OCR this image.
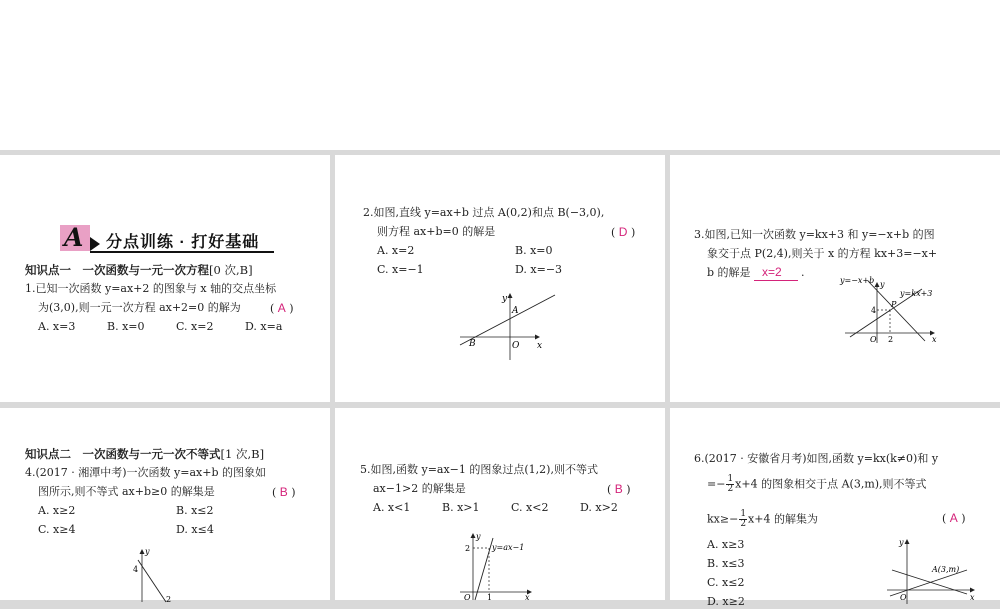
A 分点训练 · 打好基础
知识点一　一次函数与一元一次方程[0 次,B]
1.已知一次函数 y=ax+2 的图象与 x 轴的交点坐标
为(3,0),则一元一次方程 ax+2=0 的解为	( A )
A. x=3	B. x=0	C. x=2	D. x=a
2.如图,直线 y=ax+b 过点 A(0,2)和点 B(−3,0),
则方程 ax+b=0 的解是	( D )
A. x=2	B. x=0
C. x=−1	D. x=−3
y
x
O
A
B
3.如图,已知一次函数 y=kx+3 和 y=−x+b 的图
象交于点 P(2,4),则关于 x 的方程 kx+3=−x+
b 的解是 x=2 .
y=−x+b
y=kx+3
y
x
O
P
4
2
知识点二　一次函数与一元一次不等式[1 次,B]
4.(2017 · 湘潭中考)一次函数 y=ax+b 的图象如
图所示,则不等式 ax+b≥0 的解集是	( B )
A. x≥2	B. x≤2
C. x≥4	D. x≤4
y
4
2
5.如图,函数 y=ax−1 的图象过点(1,2),则不等式
ax−1>2 的解集是	( B )
A. x<1	B. x>1	C. x<2	D. x>2
y
x
O
2
1
y=ax−1
6.(2017 · 安徽省月考)如图,函数 y=kx(k≠0)和 y
=− $\frac{1}{2} x+4$ 的图象相交于点 A(3,m),则不等式
$kx\ge- \frac{1}{2} x+4$ 的解集为	( A )
A. x≥3
B. x≤3
C. x≤2
D. x≥2
y
x
O
A(3,m)
